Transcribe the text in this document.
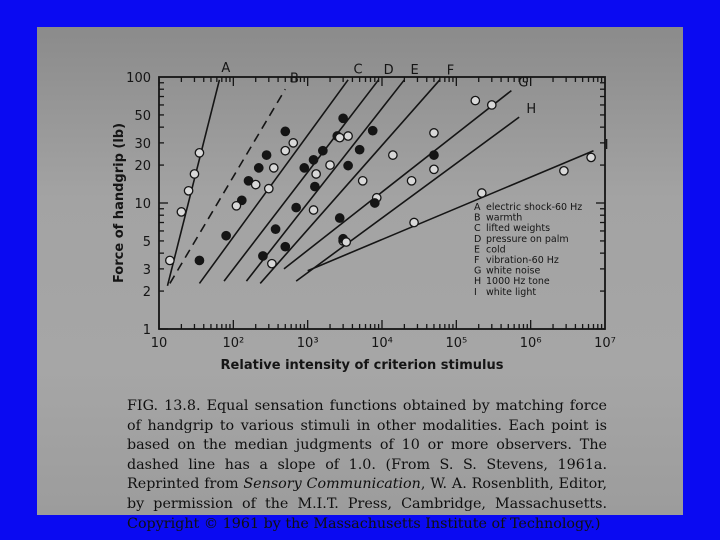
1
2
3
5
10
20
30
50
100
10	10²	10³	10⁴	10⁵	10⁶	10⁷
Relative intensity of criterion stimulus
Force of handgrip (lb)
A
B
C D E F
G
H
I
A electric shock-60 Hz
B warmth
C lifted weights
D pressure on palm
E cold
F vibration-60 Hz
G white noise
H 1000 Hz tone
I white light
FIG. 13.8. Equal sensation functions obtained by matching force of handgrip to various stimuli in other modalities. Each point is based on the median judgments of 10 or more observers. The dashed line has a slope of 1.0. (From S. S. Stevens, 1961a. Reprinted from Sensory Communication, W. A. Rosenblith, Editor, by permission of the M.I.T. Press, Cambridge, Massachusetts. Copyright © 1961 by the Massachusetts Institute of Technology.)
